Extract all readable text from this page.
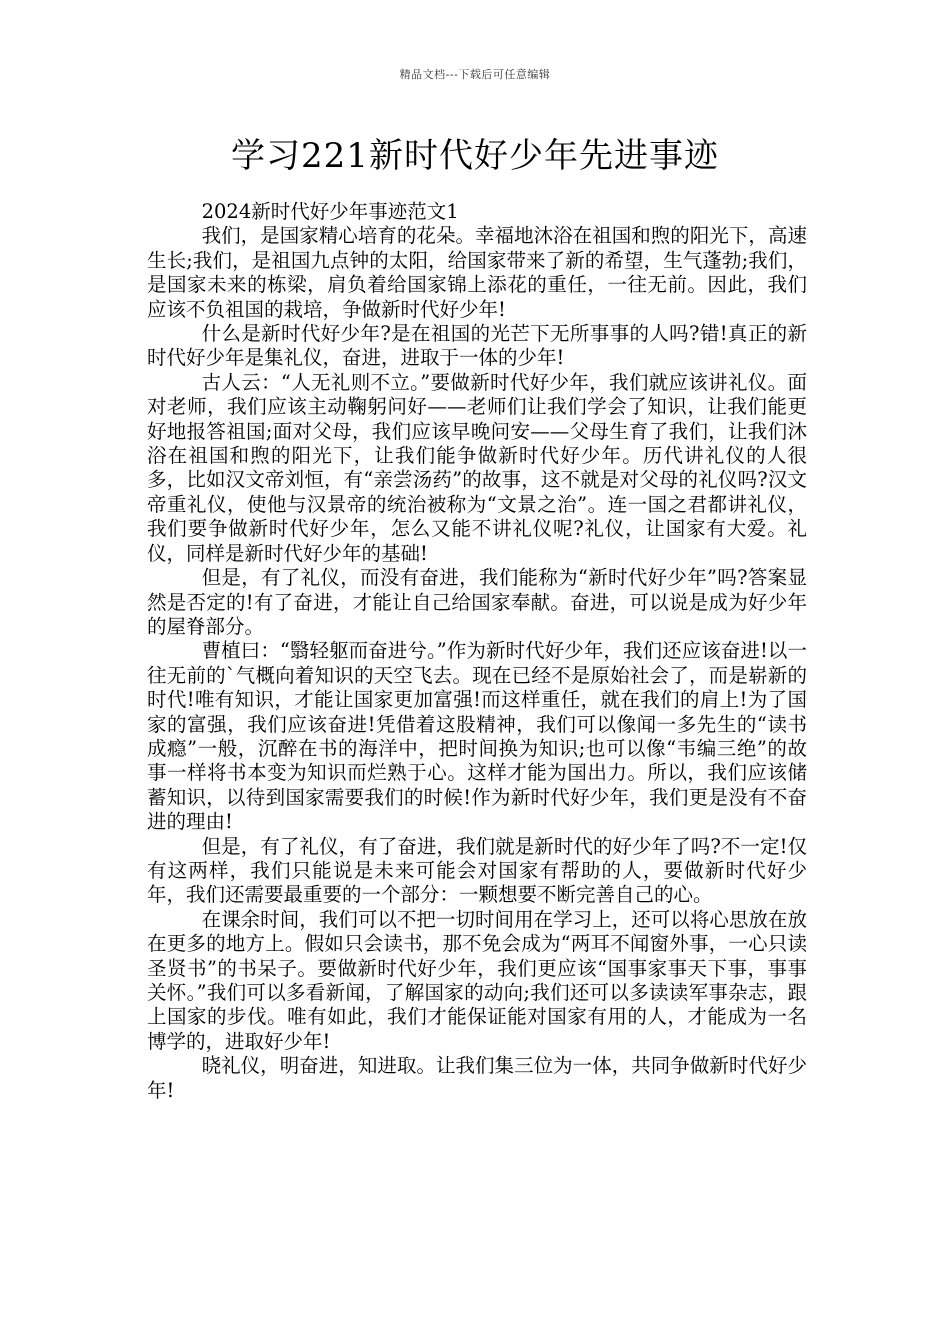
精品文档---下载后可任意编辑
学习221新时代好少年先进事迹

2024新时代好少年事迹范文1

我们，是国家精心培育的花朵。幸福地沐浴在祖国和煦的阳光下，高速生长;我们，是祖国九点钟的太阳，给国家带来了新的希望，生气蓬勃;我们，是国家未来的栋梁，肩负着给国家锦上添花的重任，一往无前。因此，我们应该不负祖国的栽培，争做新时代好少年!

什么是新时代好少年?是在祖国的光芒下无所事事的人吗?错!真正的新时代好少年是集礼仪，奋进，进取于一体的少年!

古人云：“人无礼则不立。”要做新时代好少年，我们就应该讲礼仪。面对老师，我们应该主动鞠躬问好——老师们让我们学会了知识，让我们能更好地报答祖国;面对父母，我们应该早晚问安——父母生育了我们，让我们沐浴在祖国和煦的阳光下，让我们能争做新时代好少年。历代讲礼仪的人很多，比如汉文帝刘恒，有“亲尝汤药”的故事，这不就是对父母的礼仪吗?汉文帝重礼仪，使他与汉景帝的统治被称为“文景之治”。连一国之君都讲礼仪，我们要争做新时代好少年，怎么又能不讲礼仪呢?礼仪，让国家有大爱。礼仪，同样是新时代好少年的基础!

但是，有了礼仪，而没有奋进，我们能称为“新时代好少年”吗?答案显然是否定的!有了奋进，才能让自己给国家奉献。奋进，可以说是成为好少年的屋脊部分。

曹植曰：“翳轻躯而奋进兮。”作为新时代好少年，我们还应该奋进!以一往无前的`气概向着知识的天空飞去。现在已经不是原始社会了，而是崭新的时代!唯有知识，才能让国家更加富强!而这样重任，就在我们的肩上!为了国家的富强，我们应该奋进!凭借着这股精神，我们可以像闻一多先生的“读书成瘾”一般，沉醉在书的海洋中，把时间换为知识;也可以像“韦编三绝”的故事一样将书本变为知识而烂熟于心。这样才能为国出力。所以，我们应该储蓄知识，以待到国家需要我们的时候!作为新时代好少年，我们更是没有不奋进的理由!

但是，有了礼仪，有了奋进，我们就是新时代的好少年了吗?不一定!仅有这两样，我们只能说是未来可能会对国家有帮助的人，要做新时代好少年，我们还需要最重要的一个部分：一颗想要不断完善自己的心。

在课余时间，我们可以不把一切时间用在学习上，还可以将心思放在放在更多的地方上。假如只会读书，那不免会成为“两耳不闻窗外事，一心只读圣贤书”的书呆子。要做新时代好少年，我们更应该“国事家事天下事，事事关怀。”我们可以多看新闻，了解国家的动向;我们还可以多读读军事杂志，跟上国家的步伐。唯有如此，我们才能保证能对国家有用的人，才能成为一名博学的，进取好少年!

晓礼仪，明奋进，知进取。让我们集三位为一体，共同争做新时代好少年!
